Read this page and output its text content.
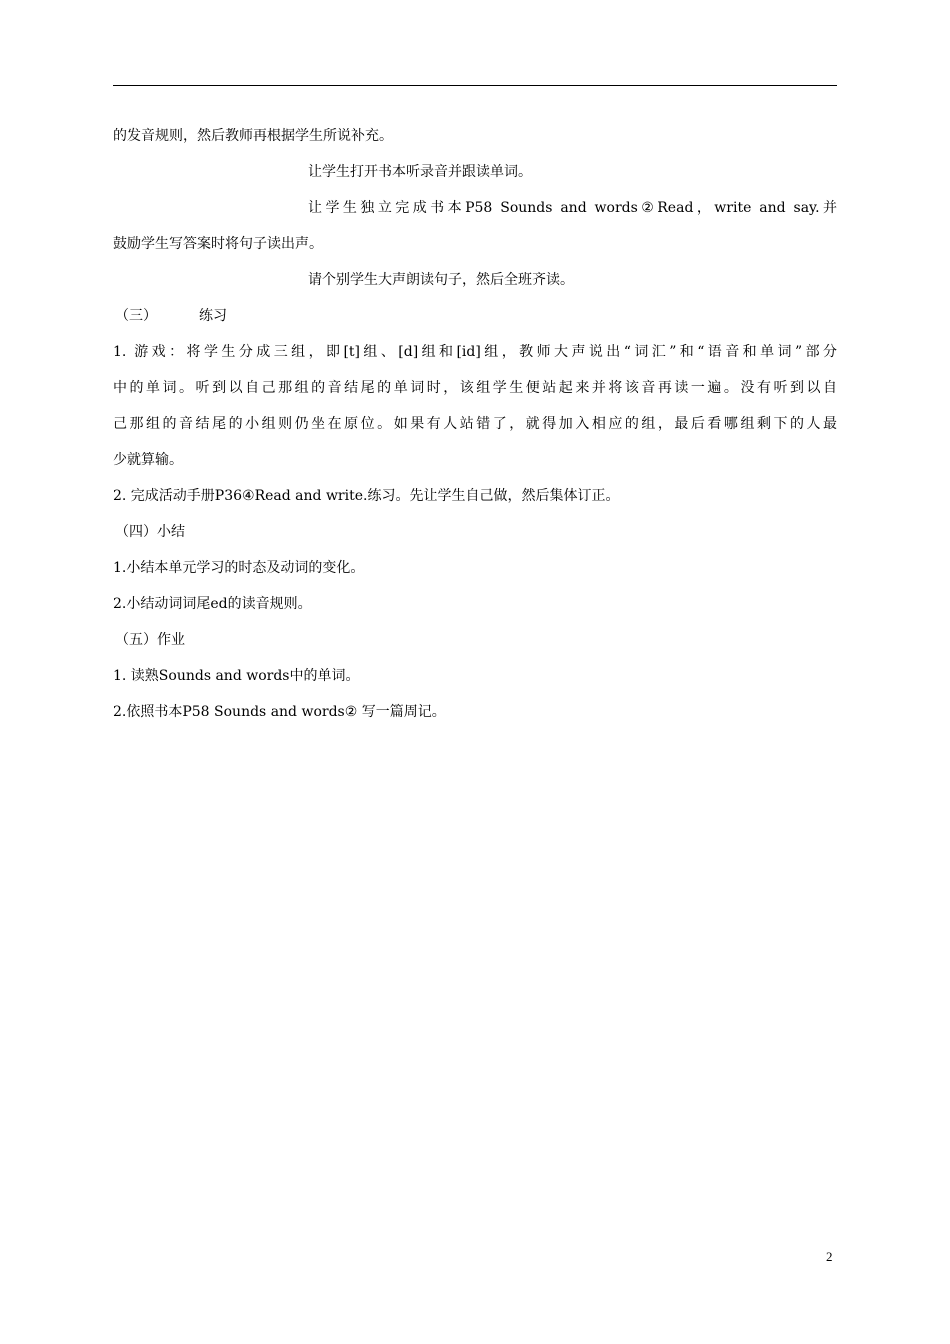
的发音规则，然后教师再根据学生所说补充。
让学生打开书本听录音并跟读单词。
让学生独立完成书本P58 Sounds and words②Read，write and say.并
鼓励学生写答案时将句子读出声。
请个别学生大声朗读句子，然后全班齐读。
（三）	练习
1. 游戏：将学生分成三组，即[t]组、[d]组和[id]组，教师大声说出“词汇”和“语音和单词”部分
中的单词。听到以自己那组的音结尾的单词时，该组学生便站起来并将该音再读一遍。没有听到以自
己那组的音结尾的小组则仍坐在原位。如果有人站错了，就得加入相应的组，最后看哪组剩下的人最
少就算输。
2. 完成活动手册P36④Read and write.练习。先让学生自己做，然后集体订正。
（四）小结
1.小结本单元学习的时态及动词的变化。
2.小结动词词尾ed的读音规则。
（五）作业
1. 读熟Sounds and words中的单词。
2.依照书本P58 Sounds and words② 写一篇周记。
2
